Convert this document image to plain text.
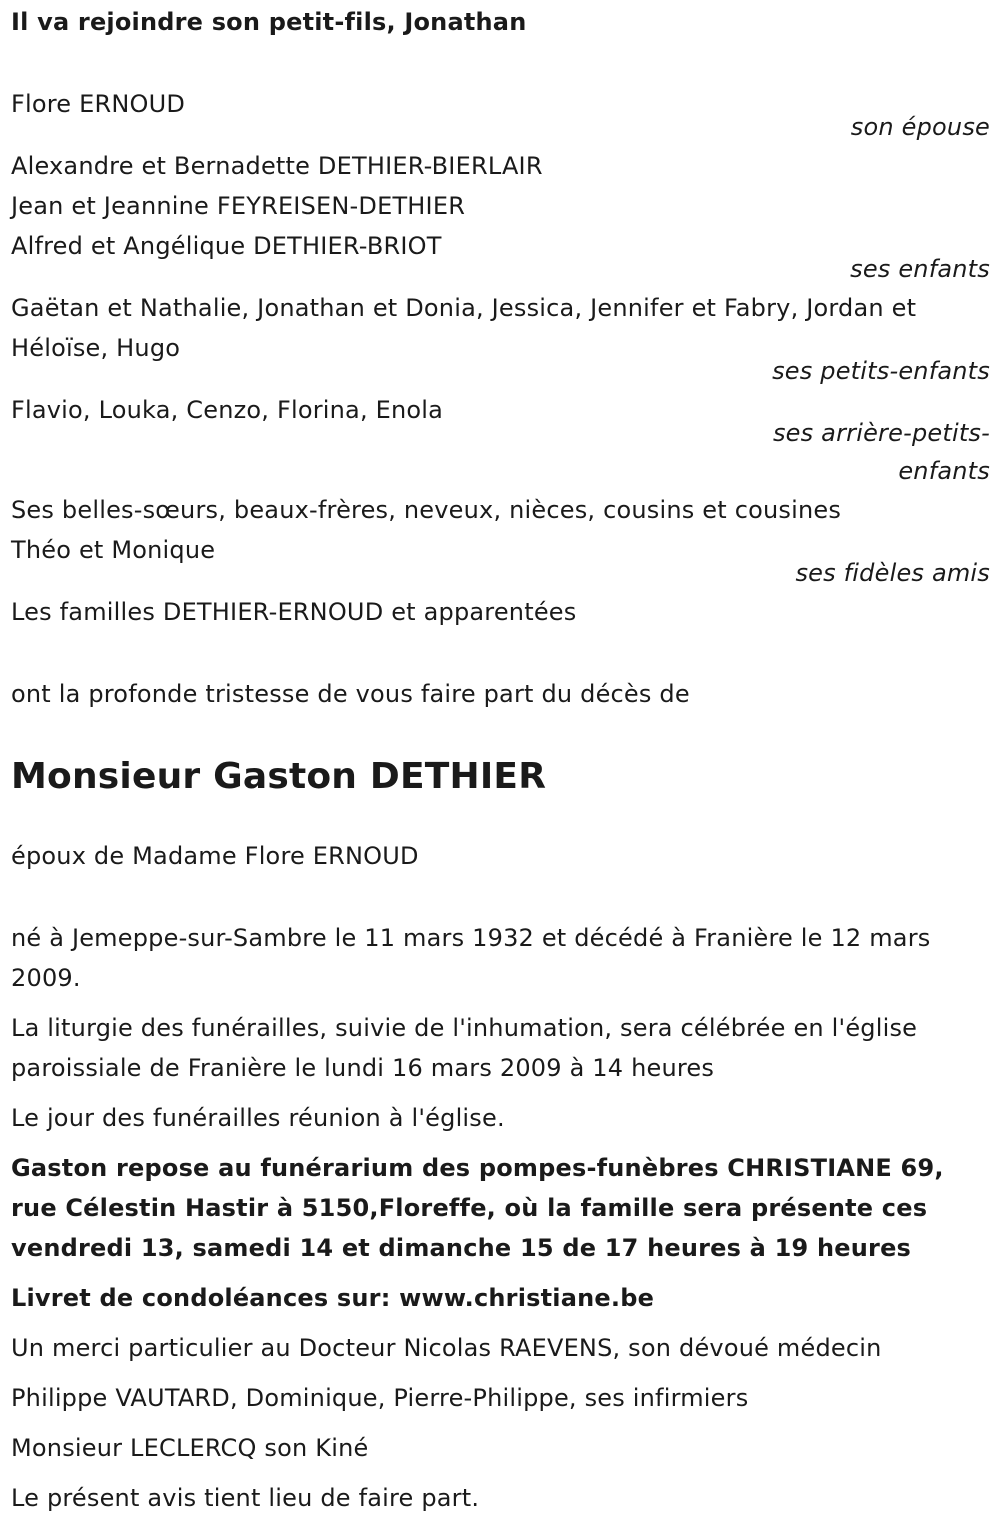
Il va rejoindre son petit-fils, Jonathan
Flore ERNOUD
son épouse
Alexandre et Bernadette DETHIER-BIERLAIR
Jean et Jeannine FEYREISEN-DETHIER
Alfred et Angélique DETHIER-BRIOT
ses enfants
Gaëtan et Nathalie, Jonathan et Donia, Jessica, Jennifer et Fabry, Jordan et Héloïse, Hugo
ses petits-enfants
Flavio, Louka, Cenzo, Florina, Enola
ses arrière-petits-
enfants
Ses belles-sœurs, beaux-frères, neveux, nièces, cousins et cousines
Théo et Monique
ses fidèles amis
Les familles DETHIER-ERNOUD et apparentées
ont la profonde tristesse de vous faire part du décès de
Monsieur Gaston DETHIER
époux de Madame Flore ERNOUD
né à Jemeppe-sur-Sambre le 11 mars 1932 et décédé à Franière le 12 mars 2009.
La liturgie des funérailles, suivie de l'inhumation, sera célébrée en l'église paroissiale de Franière le lundi 16 mars 2009 à 14 heures
Le jour des funérailles réunion à l'église.
Gaston repose au funérarium des pompes-funèbres CHRISTIANE 69, rue Célestin Hastir à 5150,Floreffe, où la famille sera présente ces vendredi 13, samedi 14 et dimanche 15 de 17 heures à 19 heures
Livret de condoléances sur: www.christiane.be
Un merci particulier au Docteur Nicolas RAEVENS, son dévoué médecin
Philippe VAUTARD, Dominique, Pierre-Philippe, ses infirmiers
Monsieur LECLERCQ son Kiné
Le présent avis tient lieu de faire part.
